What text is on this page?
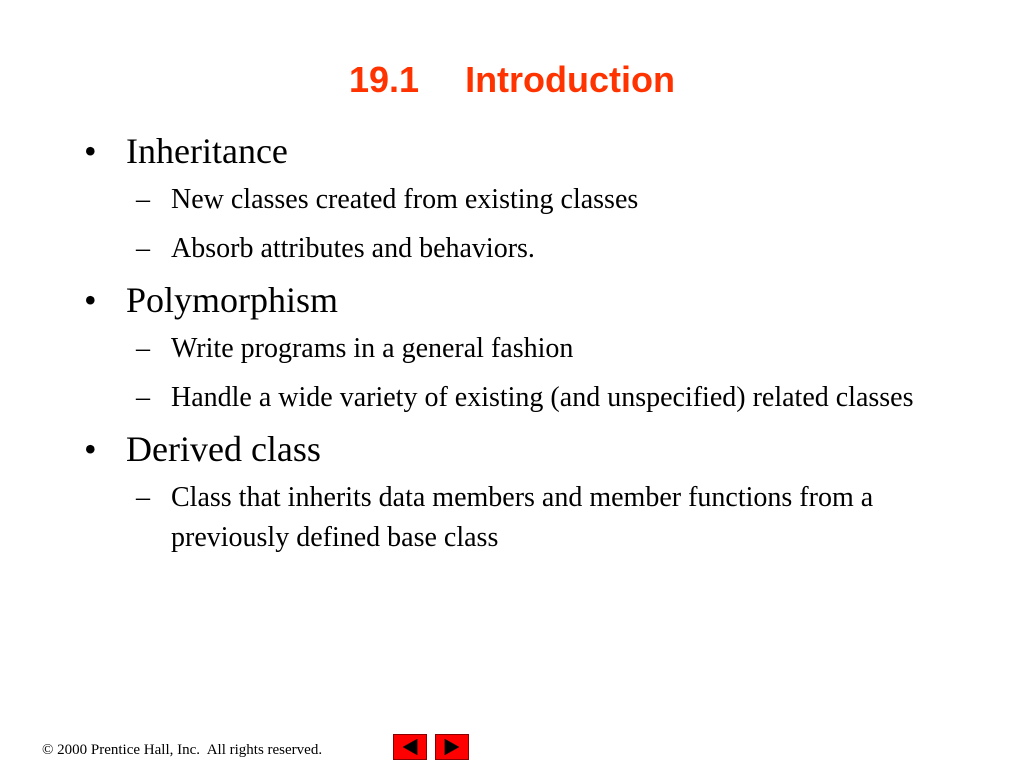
19.1 Introduction
• Inheritance
– New classes created from existing classes
– Absorb attributes and behaviors.
• Polymorphism
– Write programs in a general fashion
– Handle a wide variety of existing (and unspecified) related classes
• Derived class
– Class that inherits data members and member functions from a previously defined base class
© 2000 Prentice Hall, Inc.  All rights reserved.
